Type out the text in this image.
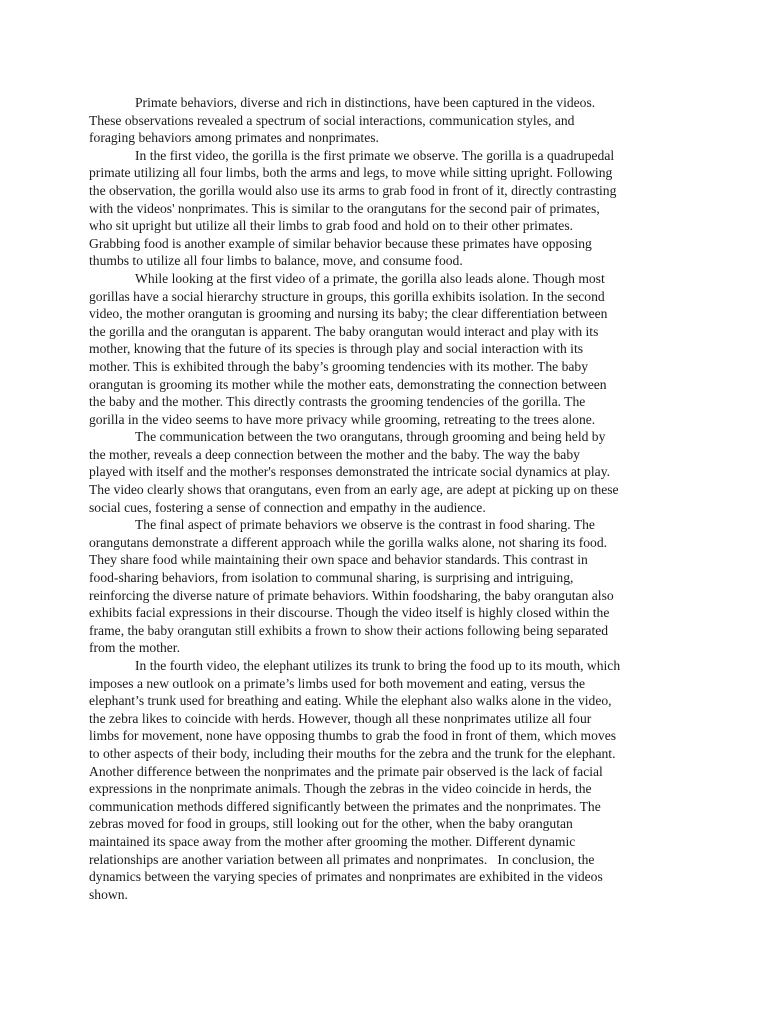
Primate behaviors, diverse and rich in distinctions, have been captured in the videos.
These observations revealed a spectrum of social interactions, communication styles, and
foraging behaviors among primates and nonprimates.
In the first video, the gorilla is the first primate we observe. The gorilla is a quadrupedal
primate utilizing all four limbs, both the arms and legs, to move while sitting upright. Following
the observation, the gorilla would also use its arms to grab food in front of it, directly contrasting
with the videos' nonprimates. This is similar to the orangutans for the second pair of primates,
who sit upright but utilize all their limbs to grab food and hold on to their other primates.
Grabbing food is another example of similar behavior because these primates have opposing
thumbs to utilize all four limbs to balance, move, and consume food.
While looking at the first video of a primate, the gorilla also leads alone. Though most
gorillas have a social hierarchy structure in groups, this gorilla exhibits isolation. In the second
video, the mother orangutan is grooming and nursing its baby; the clear differentiation between
the gorilla and the orangutan is apparent. The baby orangutan would interact and play with its
mother, knowing that the future of its species is through play and social interaction with its
mother. This is exhibited through the baby’s grooming tendencies with its mother. The baby
orangutan is grooming its mother while the mother eats, demonstrating the connection between
the baby and the mother. This directly contrasts the grooming tendencies of the gorilla. The
gorilla in the video seems to have more privacy while grooming, retreating to the trees alone.
The communication between the two orangutans, through grooming and being held by
the mother, reveals a deep connection between the mother and the baby. The way the baby
played with itself and the mother's responses demonstrated the intricate social dynamics at play.
The video clearly shows that orangutans, even from an early age, are adept at picking up on these
social cues, fostering a sense of connection and empathy in the audience.
The final aspect of primate behaviors we observe is the contrast in food sharing. The
orangutans demonstrate a different approach while the gorilla walks alone, not sharing its food.
They share food while maintaining their own space and behavior standards. This contrast in
food-sharing behaviors, from isolation to communal sharing, is surprising and intriguing,
reinforcing the diverse nature of primate behaviors. Within foodsharing, the baby orangutan also
exhibits facial expressions in their discourse. Though the video itself is highly closed within the
frame, the baby orangutan still exhibits a frown to show their actions following being separated
from the mother.
In the fourth video, the elephant utilizes its trunk to bring the food up to its mouth, which
imposes a new outlook on a primate’s limbs used for both movement and eating, versus the
elephant’s trunk used for breathing and eating. While the elephant also walks alone in the video,
the zebra likes to coincide with herds. However, though all these nonprimates utilize all four
limbs for movement, none have opposing thumbs to grab the food in front of them, which moves
to other aspects of their body, including their mouths for the zebra and the trunk for the elephant.
Another difference between the nonprimates and the primate pair observed is the lack of facial
expressions in the nonprimate animals. Though the zebras in the video coincide in herds, the
communication methods differed significantly between the primates and the nonprimates. The
zebras moved for food in groups, still looking out for the other, when the baby orangutan
maintained its space away from the mother after grooming the mother. Different dynamic
relationships are another variation between all primates and nonprimates.   In conclusion, the
dynamics between the varying species of primates and nonprimates are exhibited in the videos
shown.
